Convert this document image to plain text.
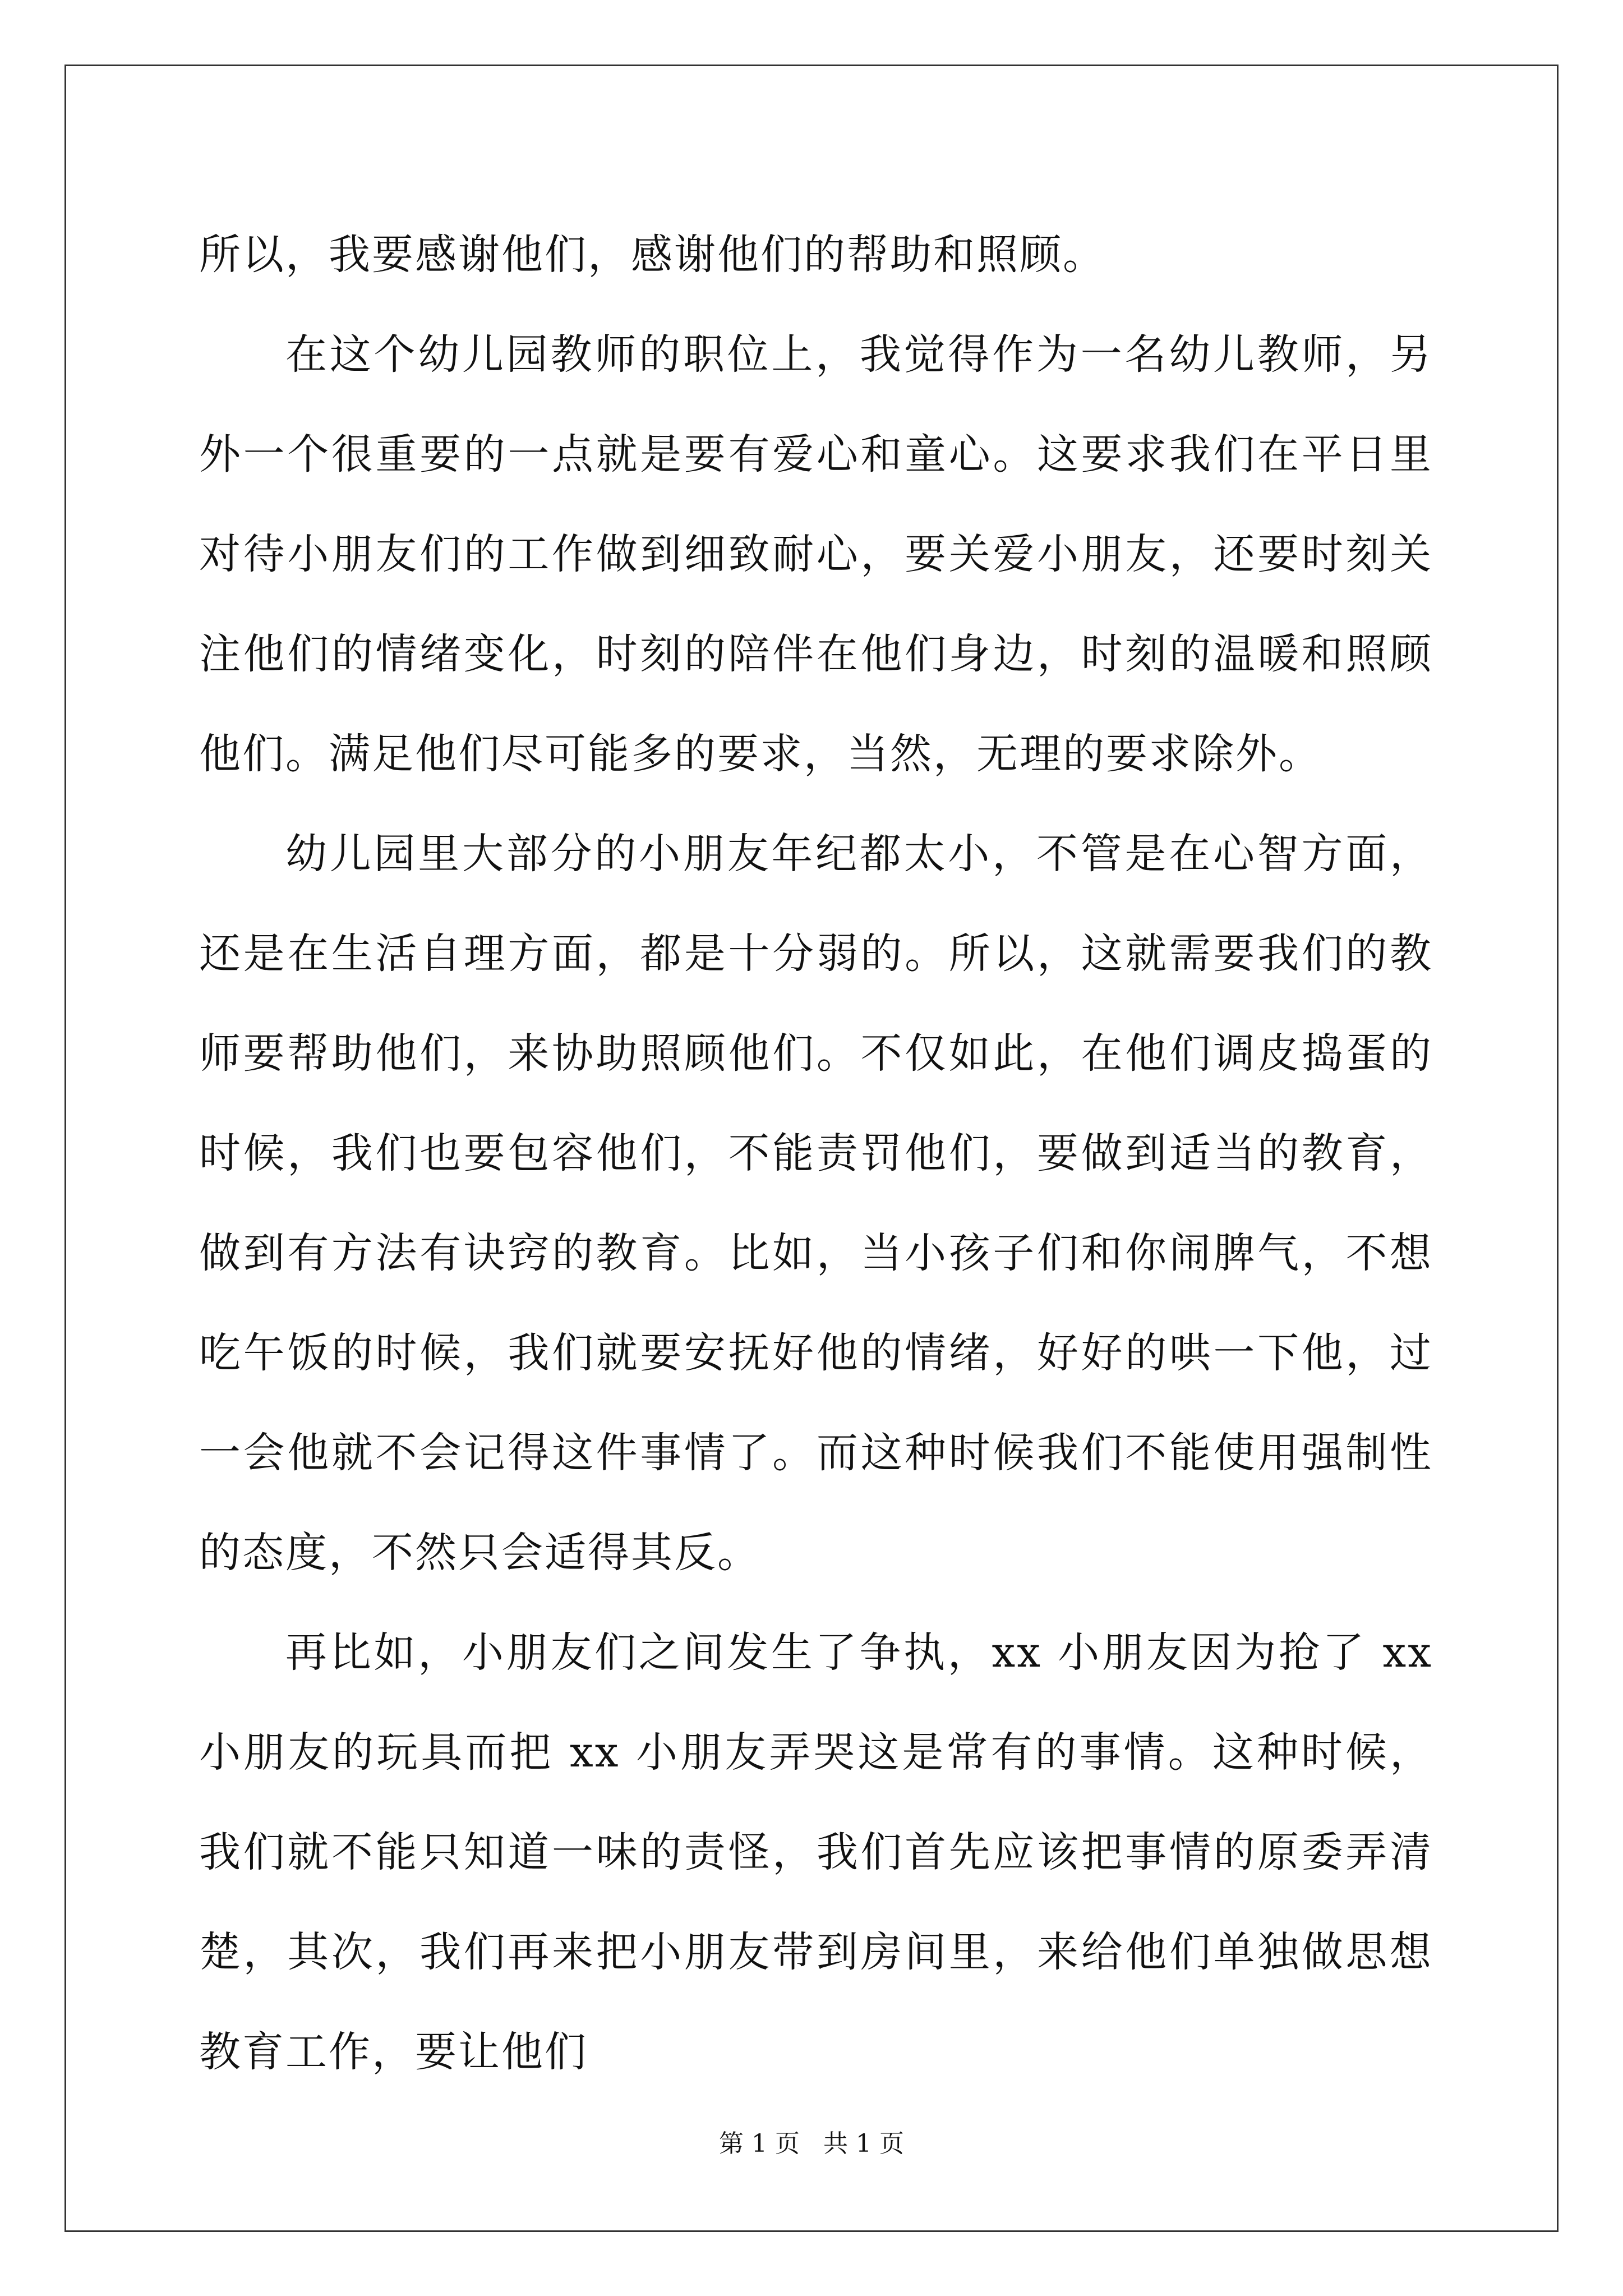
所以，我要感谢他们，感谢他们的帮助和照顾。

在这个幼儿园教师的职位上，我觉得作为一名幼儿教师，另外一个很重要的一点就是要有爱心和童心。这要求我们在平日里对待小朋友们的工作做到细致耐心，要关爱小朋友，还要时刻关注他们的情绪变化，时刻的陪伴在他们身边，时刻的温暖和照顾他们。满足他们尽可能多的要求，当然，无理的要求除外。

幼儿园里大部分的小朋友年纪都太小，不管是在心智方面，还是在生活自理方面，都是十分弱的。所以，这就需要我们的教师要帮助他们，来协助照顾他们。不仅如此，在他们调皮捣蛋的时候，我们也要包容他们，不能责罚他们，要做到适当的教育，做到有方法有诀窍的教育。比如，当小孩子们和你闹脾气，不想吃午饭的时候，我们就要安抚好他的情绪，好好的哄一下他，过一会他就不会记得这件事情了。而这种时候我们不能使用强制性的态度，不然只会适得其反。

再比如，小朋友们之间发生了争执，xx 小朋友因为抢了 xx 小朋友的玩具而把 xx 小朋友弄哭这是常有的事情。这种时候，我们就不能只知道一味的责怪，我们首先应该把事情的原委弄清楚，其次，我们再来把小朋友带到房间里，来给他们单独做思想教育工作，要让他们

第 1 页   共 1 页
